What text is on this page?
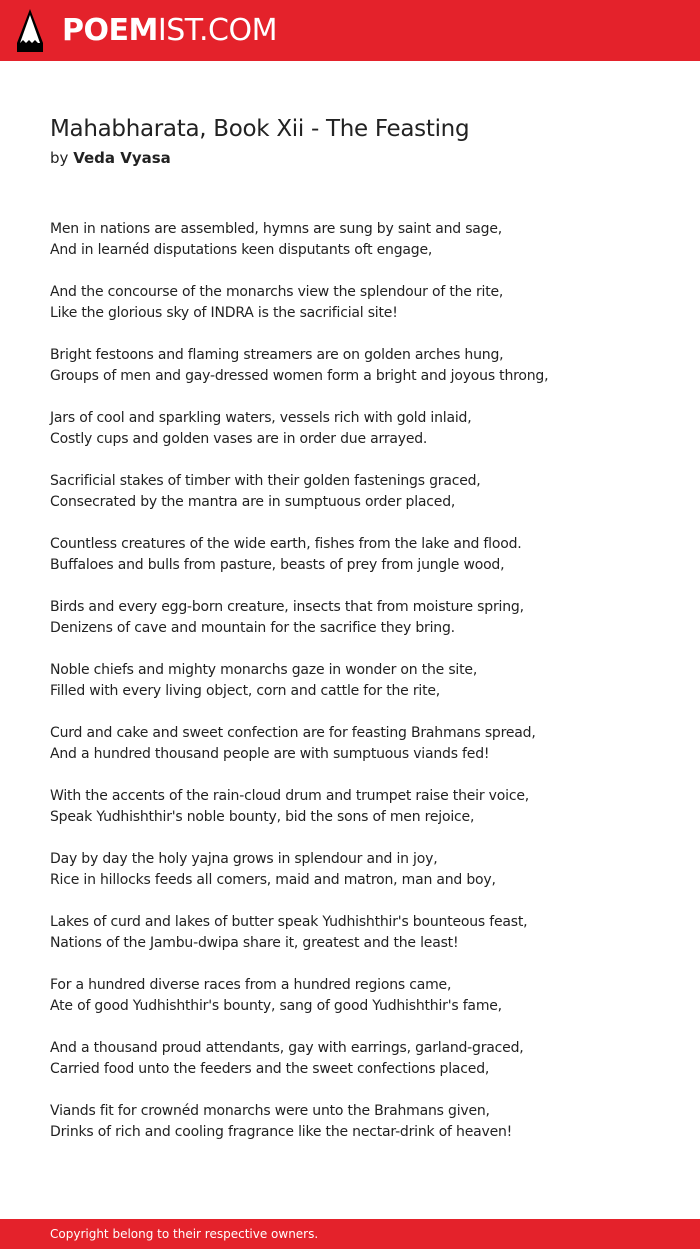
POEMIST.COM
Mahabharata, Book Xii - The Feasting
by Veda Vyasa
Men in nations are assembled, hymns are sung by saint and sage,
And in learnéd disputations keen disputants oft engage,
And the concourse of the monarchs view the splendour of the rite,
Like the glorious sky of INDRA is the sacrificial site!
Bright festoons and flaming streamers are on golden arches hung,
Groups of men and gay-dressed women form a bright and joyous throng,
Jars of cool and sparkling waters, vessels rich with gold inlaid,
Costly cups and golden vases are in order due arrayed.
Sacrificial stakes of timber with their golden fastenings graced,
Consecrated by the mantra are in sumptuous order placed,
Countless creatures of the wide earth, fishes from the lake and flood.
Buffaloes and bulls from pasture, beasts of prey from jungle wood,
Birds and every egg-born creature, insects that from moisture spring,
Denizens of cave and mountain for the sacrifice they bring.
Noble chiefs and mighty monarchs gaze in wonder on the site,
Filled with every living object, corn and cattle for the rite,
Curd and cake and sweet confection are for feasting Brahmans spread,
And a hundred thousand people are with sumptuous viands fed!
With the accents of the rain-cloud drum and trumpet raise their voice,
Speak Yudhishthir's noble bounty, bid the sons of men rejoice,
Day by day the holy yajna grows in splendour and in joy,
Rice in hillocks feeds all comers, maid and matron, man and boy,
Lakes of curd and lakes of butter speak Yudhishthir's bounteous feast,
Nations of the Jambu-dwipa share it, greatest and the least!
For a hundred diverse races from a hundred regions came,
Ate of good Yudhishthir's bounty, sang of good Yudhishthir's fame,
And a thousand proud attendants, gay with earrings, garland-graced,
Carried food unto the feeders and the sweet confections placed,
Viands fit for crownéd monarchs were unto the Brahmans given,
Drinks of rich and cooling fragrance like the nectar-drink of heaven!
Copyright belong to their respective owners.
